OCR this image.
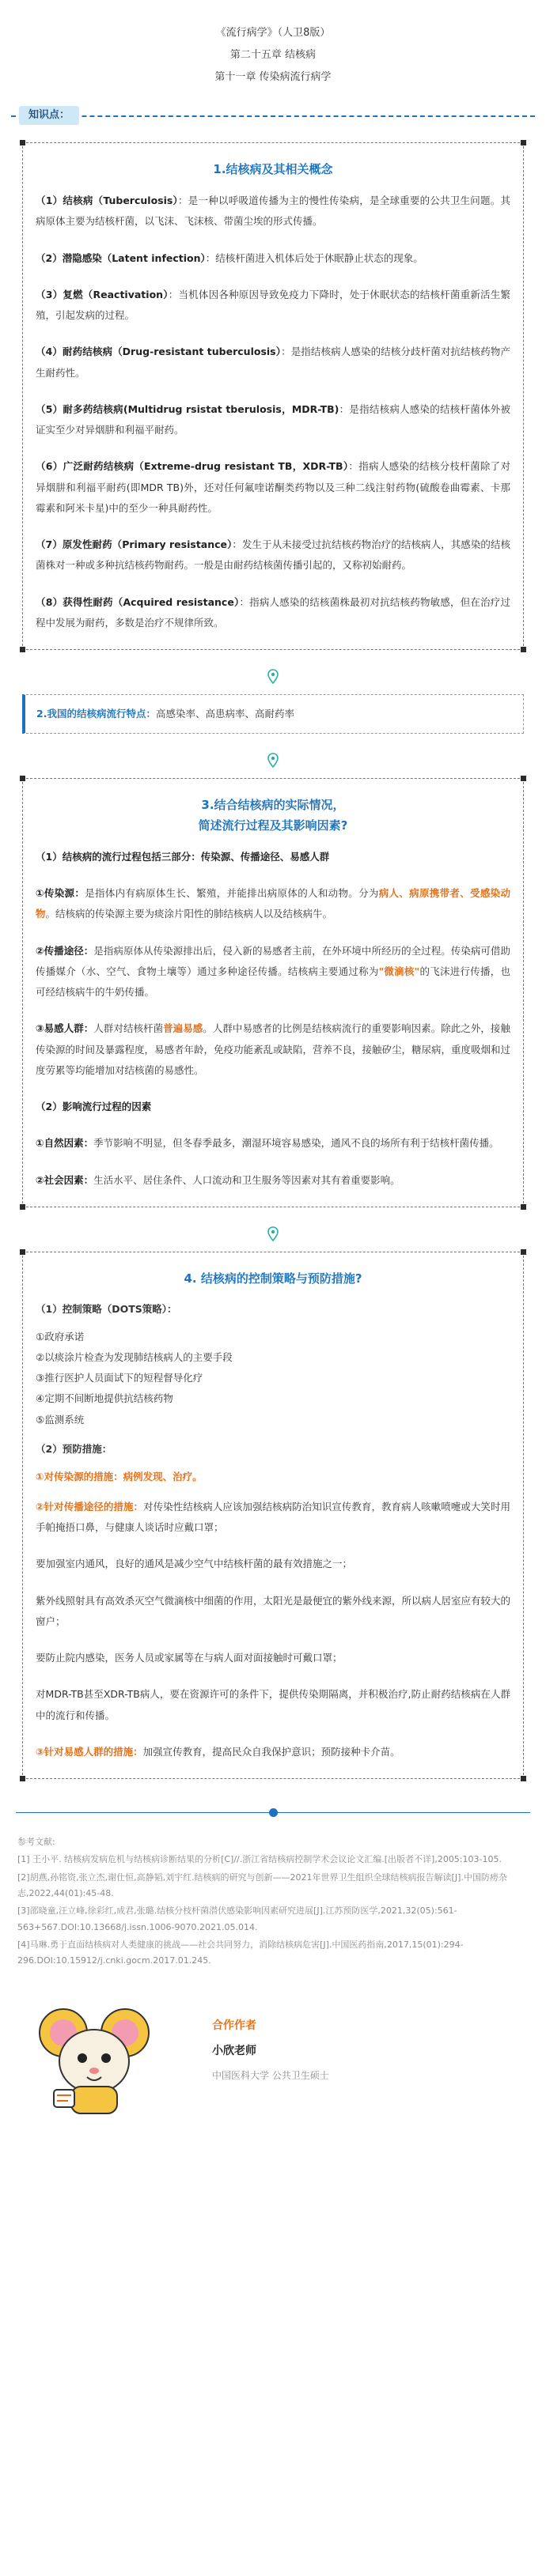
《流行病学》（人卫8版）
第二十五章 结核病
第十一章 传染病流行病学
知识点：
1.结核病及其相关概念
（1）结核病（Tuberculosis）：是一种以呼吸道传播为主的慢性传染病，是全球重要的公共卫生问题。其病原体主要为结核杆菌，以飞沫、飞沫核、带菌尘埃的形式传播。
（2）潜隐感染（Latent infection）：结核杆菌进入机体后处于休眠静止状态的现象。
（3）复燃（Reactivation）：当机体因各种原因导致免疫力下降时，处于休眠状态的结核杆菌重新活生繁殖，引起发病的过程。
（4）耐药结核病（Drug-resistant tuberculosis）：是指结核病人感染的结核分歧杆菌对抗结核药物产生耐药性。
（5）耐多药结核病(Multidrug rsistat tberulosis，MDR-TB)：是指结核病人感染的结核杆菌体外被证实至少对异烟肼和利福平耐药。
（6）广泛耐药结核病（Extreme-drug resistant TB，XDR-TB）：指病人感染的结核分枝杆菌除了对异烟肼和利福平耐药(即MDR TB)外，还对任何氟喹诺酮类药物以及三种二线注射药物(硫酸卷曲霉素、卡那霉素和阿米卡星)中的至少一种具耐药性。
（7）原发性耐药（Primary resistance）：发生于从未接受过抗结核药物治疗的结核病人，其感染的结核菌株对一种或多种抗结核药物耐药。一般是由耐药结核菌传播引起的，又称初始耐药。
（8）获得性耐药（Acquired resistance）：指病人感染的结核菌株最初对抗结核药物敏感，但在治疗过程中发展为耐药，多数是治疗不规律所致。
2.我国的结核病流行特点：高感染率、高患病率、高耐药率
3.结合结核病的实际情况，
简述流行过程及其影响因素?
（1）结核病的流行过程包括三部分：传染源、传播途径、易感人群
①传染源：是指体内有病原体生长、繁殖，并能排出病原体的人和动物。分为病人、病原携带者、受感染动物。结核病的传染源主要为痰涂片阳性的肺结核病人以及结核病牛。
②传播途径：是指病原体从传染源排出后，侵入新的易感者主前，在外环境中所经历的全过程。传染病可借助传播媒介（水、空气、食物土壤等）通过多种途径传播。结核病主要通过称为"微滴核"的飞沫进行传播，也可经结核病牛的牛奶传播。
③易感人群：人群对结核杆菌普遍易感。人群中易感者的比例是结核病流行的重要影响因素。除此之外，接触传染源的时间及暴露程度，易感者年龄，免疫功能紊乱或缺陷，营养不良，接触矽尘，糖尿病，重度吸烟和过度劳累等均能增加对结核菌的易感性。
（2）影响流行过程的因素
①自然因素：季节影响不明显，但冬春季最多，潮湿环境容易感染，通风不良的场所有利于结核杆菌传播。
②社会因素：生活水平、居住条件、人口流动和卫生服务等因素对其有着重要影响。
4. 结核病的控制策略与预防措施?
（1）控制策略（DOTS策略）：
①政府承诺
②以痰涂片检查为发现肺结核病人的主要手段
③推行医护人员面试下的短程督导化疗
④定期不间断地提供抗结核药物
⑤监测系统
（2）预防措施：
①对传染源的措施：病例发现、治疗。
②针对传播途径的措施：对传染性结核病人应该加强结核病防治知识宣传教育，教育病人咳嗽喷嚏或大笑时用手帕掩捂口鼻，与健康人谈话时应戴口罩；
要加强室内通风，良好的通风是减少空气中结核杆菌的最有效措施之一；
紫外线照射具有高效杀灭空气微滴核中细菌的作用，太阳光是最便宜的紫外线来源，所以病人居室应有较大的窗户；
要防止院内感染，医务人员或家属等在与病人面对面接触时可戴口罩；
对MDR-TB甚至XDR-TB病人，要在资源许可的条件下，提供传染期隔离，并积极治疗,防止耐药结核病在人群中的流行和传播。
③针对易感人群的措施：加强宣传教育，提高民众自我保护意识；预防接种卡介苗。

参考文献:

[1] 王小平. 结核病发病危机与结核病诊断结果的分析[C]//.浙江省结核病控制学术会议论文汇编.[出版者不详],2005:103-105.

[2]胡燕,孙铭资,张立杰,谢仕恒,高静韬,刘宇红.结核病的研究与创新——2021年世界卫生组织全球结核病报告解读[J].中国防痨杂志,2022,44(01):45-48.

[3]邵晓童,汪立峰,徐彩红,成君,张璐.结核分枝杆菌潜伏感染影响因素研究进展[J].江苏预防医学,2021,32(05):561-563+567.DOI:10.13668/j.issn.1006-9070.2021.05.014.

[4]马琳.勇于直面结核病对人类健康的挑战——社会共同努力，消除结核病危害[J].中国医药指南,2017,15(01):294-296.DOI:10.15912/j.cnki.gocm.2017.01.245.

合作作者
小欣老师
中国医科大学 公共卫生硕士
